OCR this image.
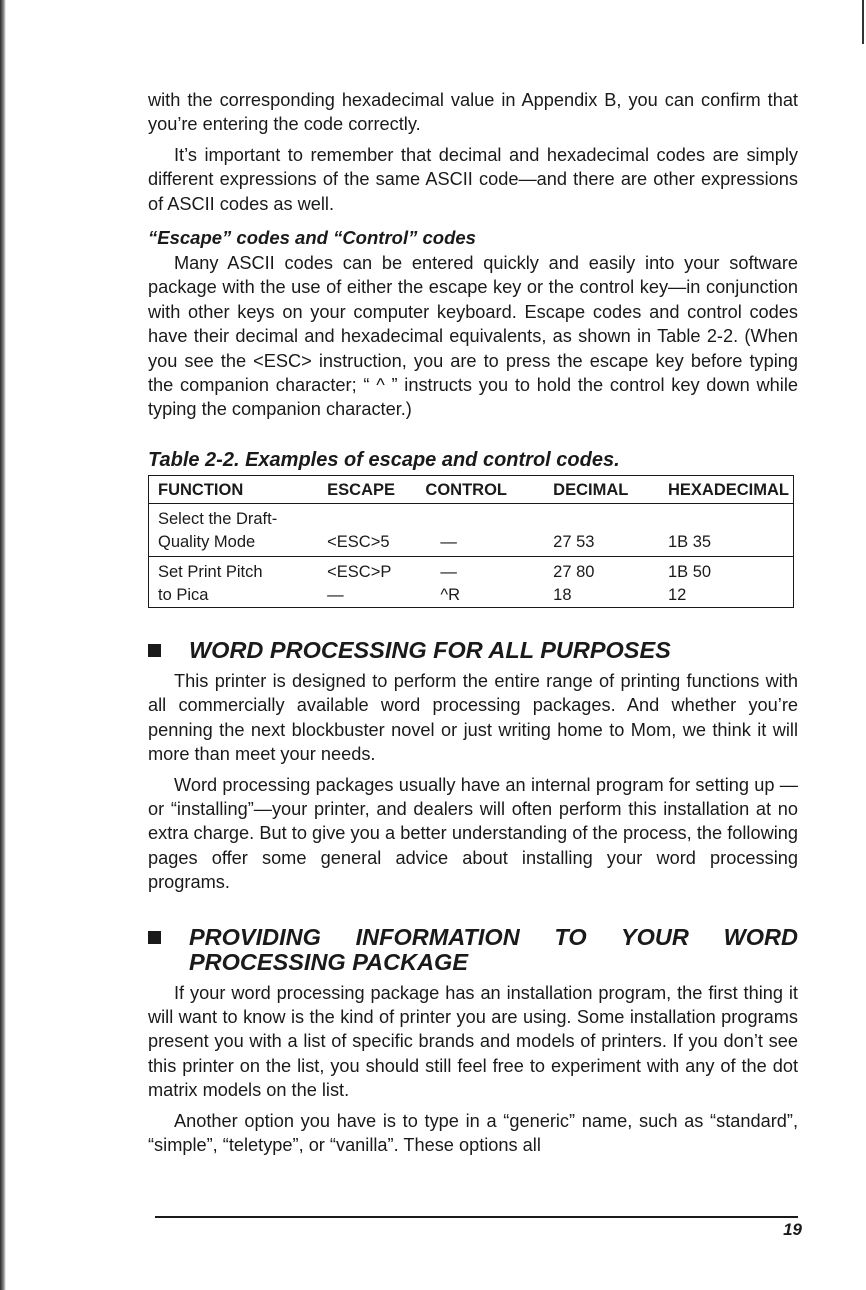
with the corresponding hexadecimal value in Appendix B, you can confirm that you’re entering the code correctly.

It’s important to remember that decimal and hexadecimal codes are simply different expressions of the same ASCII code—and there are other expressions of ASCII codes as well.

“Escape” codes and “Control” codes

Many ASCII codes can be entered quickly and easily into your software package with the use of either the escape key or the control key—in conjunction with other keys on your computer keyboard. Escape codes and control codes have their decimal and hexadecimal equivalents, as shown in Table 2-2. (When you see the <ESC> instruction, you are to press the escape key before typing the companion character; “ ^ ” instructs you to hold the control key down while typing the companion character.)

Table 2-2. Examples of escape and control codes.
FUNCTION	ESCAPE	CONTROL	DECIMAL	HEXADECIMAL
Select the Draft-				
Quality Mode	<ESC>5	—	27 53	1B 35
Set Print Pitch	<ESC>P	—	27 80	1B 50
to Pica	—	^R	18	12
WORD PROCESSING FOR ALL PURPOSES

This printer is designed to perform the entire range of printing functions with all commercially available word processing packages. And whether you’re penning the next blockbuster novel or just writing home to Mom, we think it will more than meet your needs.

Word processing packages usually have an internal program for setting up —or “installing”—your printer, and dealers will often perform this installation at no extra charge. But to give you a better understanding of the process, the following pages offer some general advice about installing your word processing programs.

PROVIDING INFORMATION TO YOUR WORD PROCESSING PACKAGE

If your word processing package has an installation program, the first thing it will want to know is the kind of printer you are using. Some installation programs present you with a list of specific brands and models of printers. If you don’t see this printer on the list, you should still feel free to experiment with any of the dot matrix models on the list.

Another option you have is to type in a “generic” name, such as “standard”, “simple”, “teletype”, or “vanilla”. These options all

19
